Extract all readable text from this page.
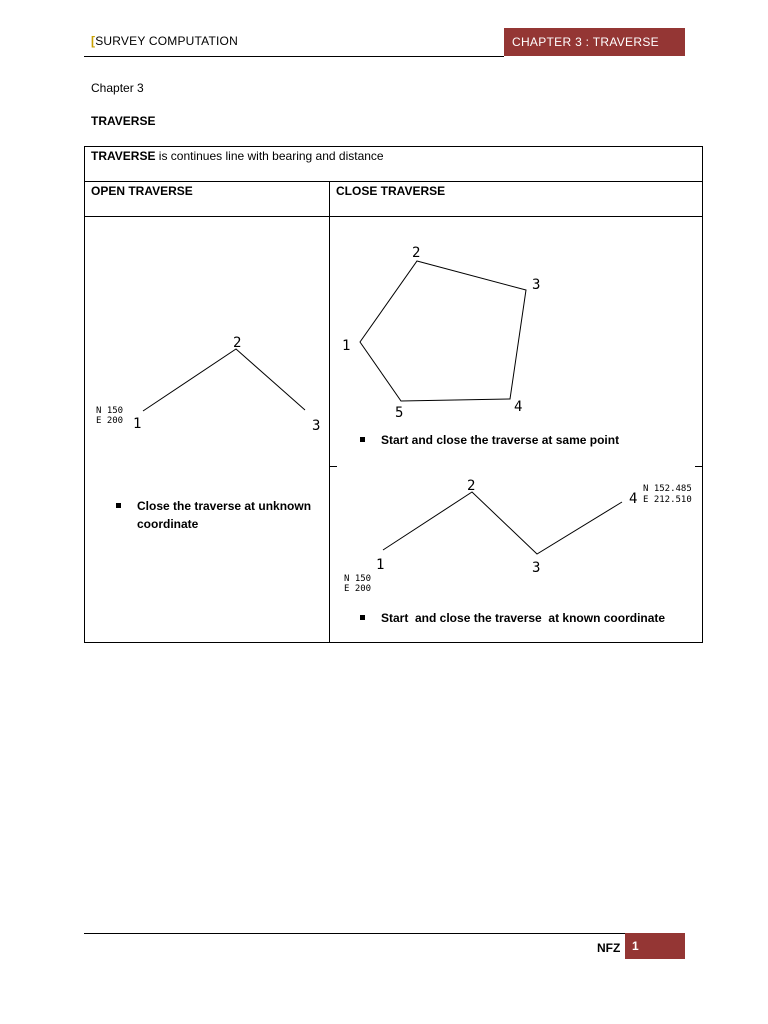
[SURVEY COMPUTATION	CHAPTER 3 : TRAVERSE
Chapter 3
TRAVERSE
TRAVERSE is continues line with bearing and distance
OPEN TRAVERSE	CLOSE TRAVERSE
2
1	3
N 150
E 200
1
2
3
4
5
1
2
3
4
N 152.485
E 212.510
N 150
E 200
Close the traverse at unknown
coordinate
Start and close the traverse at same point
Start  and close the traverse  at known coordinate
NFZ 1
